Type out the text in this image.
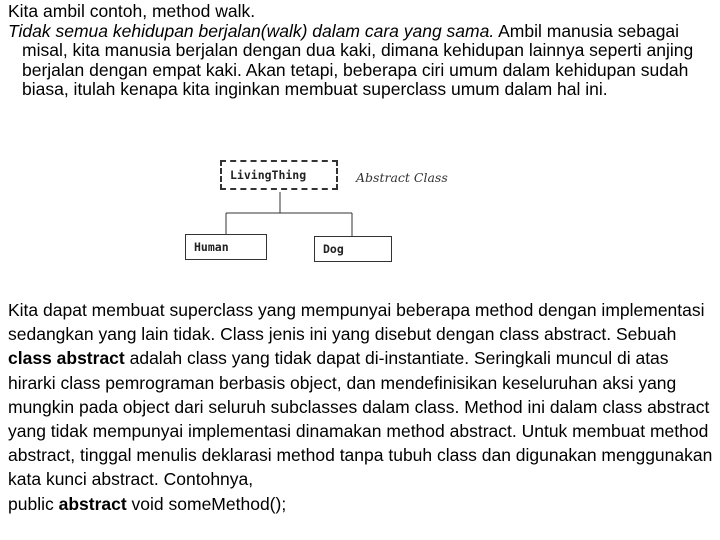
Kita ambil contoh, method walk.

Tidak semua kehidupan berjalan(walk) dalam cara yang sama. Ambil manusia sebagai misal, kita manusia berjalan dengan dua kaki, dimana kehidupan lainnya seperti anjing berjalan dengan empat kaki. Akan tetapi, beberapa ciri umum dalam kehidupan sudah biasa, itulah kenapa kita inginkan membuat superclass umum dalam hal ini.

LivingThing	Abstract Class
Human	Dog

Kita dapat membuat superclass yang mempunyai beberapa method dengan implementasi sedangkan yang lain tidak. Class jenis ini yang disebut dengan class abstract. Sebuah class abstract adalah class yang tidak dapat di-instantiate. Seringkali muncul di atas hirarki class pemrograman berbasis object, dan mendefinisikan keseluruhan aksi yang mungkin pada object dari seluruh subclasses dalam class. Method ini dalam class abstract yang tidak mempunyai implementasi dinamakan method abstract. Untuk membuat method abstract, tinggal menulis deklarasi method tanpa tubuh class dan digunakan menggunakan kata kunci abstract. Contohnya,
public abstract void someMethod();
